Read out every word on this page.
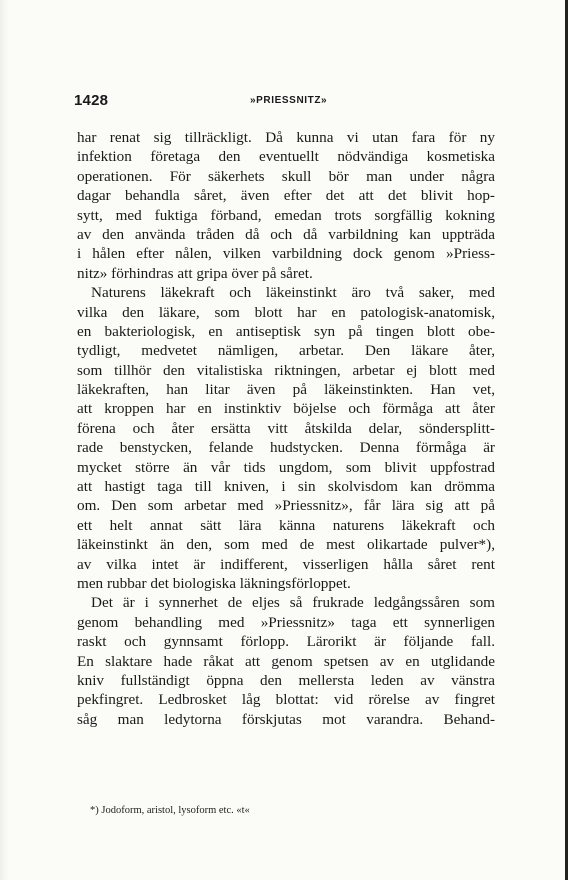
1428	»PRIESSNITZ»
har renat sig tillräckligt. Då kunna vi utan fara för ny
infektion företaga den eventuellt nödvändiga kosmetiska
operationen. För säkerhets skull bör man under några
dagar behandla såret, även efter det att det blivit hop-
sytt, med fuktiga förband, emedan trots sorgfällig kokning
av den använda tråden då och då varbildning kan uppträda
i hålen efter nålen, vilken varbildning dock genom »Priess-
nitz» förhindras att gripa över på såret.
Naturens läkekraft och läkeinstinkt äro två saker, med
vilka den läkare, som blott har en patologisk-anatomisk,
en bakteriologisk, en antiseptisk syn på tingen blott obe-
tydligt, medvetet nämligen, arbetar. Den läkare åter,
som tillhör den vitalistiska riktningen, arbetar ej blott med
läkekraften, han litar även på läkeinstinkten. Han vet,
att kroppen har en instinktiv böjelse och förmåga att åter
förena och åter ersätta vitt åtskilda delar, söndersplitt-
rade benstycken, felande hudstycken. Denna förmåga är
mycket större än vår tids ungdom, som blivit uppfostrad
att hastigt taga till kniven, i sin skolvisdom kan drömma
om. Den som arbetar med »Priessnitz», får lära sig att på
ett helt annat sätt lära känna naturens läkekraft och
läkeinstinkt än den, som med de mest olikartade pulver*),
av vilka intet är indifferent, visserligen hålla såret rent
men rubbar det biologiska läkningsförloppet.
Det är i synnerhet de eljes så frukrade ledgångssåren som
genom behandling med »Priessnitz» taga ett synnerligen
raskt och gynnsamt förlopp. Lärorikt är följande fall.
En slaktare hade råkat att genom spetsen av en utglidande
kniv fullständigt öppna den mellersta leden av vänstra
pekfingret. Ledbrosket låg blottat: vid rörelse av fingret
såg man ledytorna förskjutas mot varandra. Behand-
*) Jodoform, aristol, lysoform etc. «t«
